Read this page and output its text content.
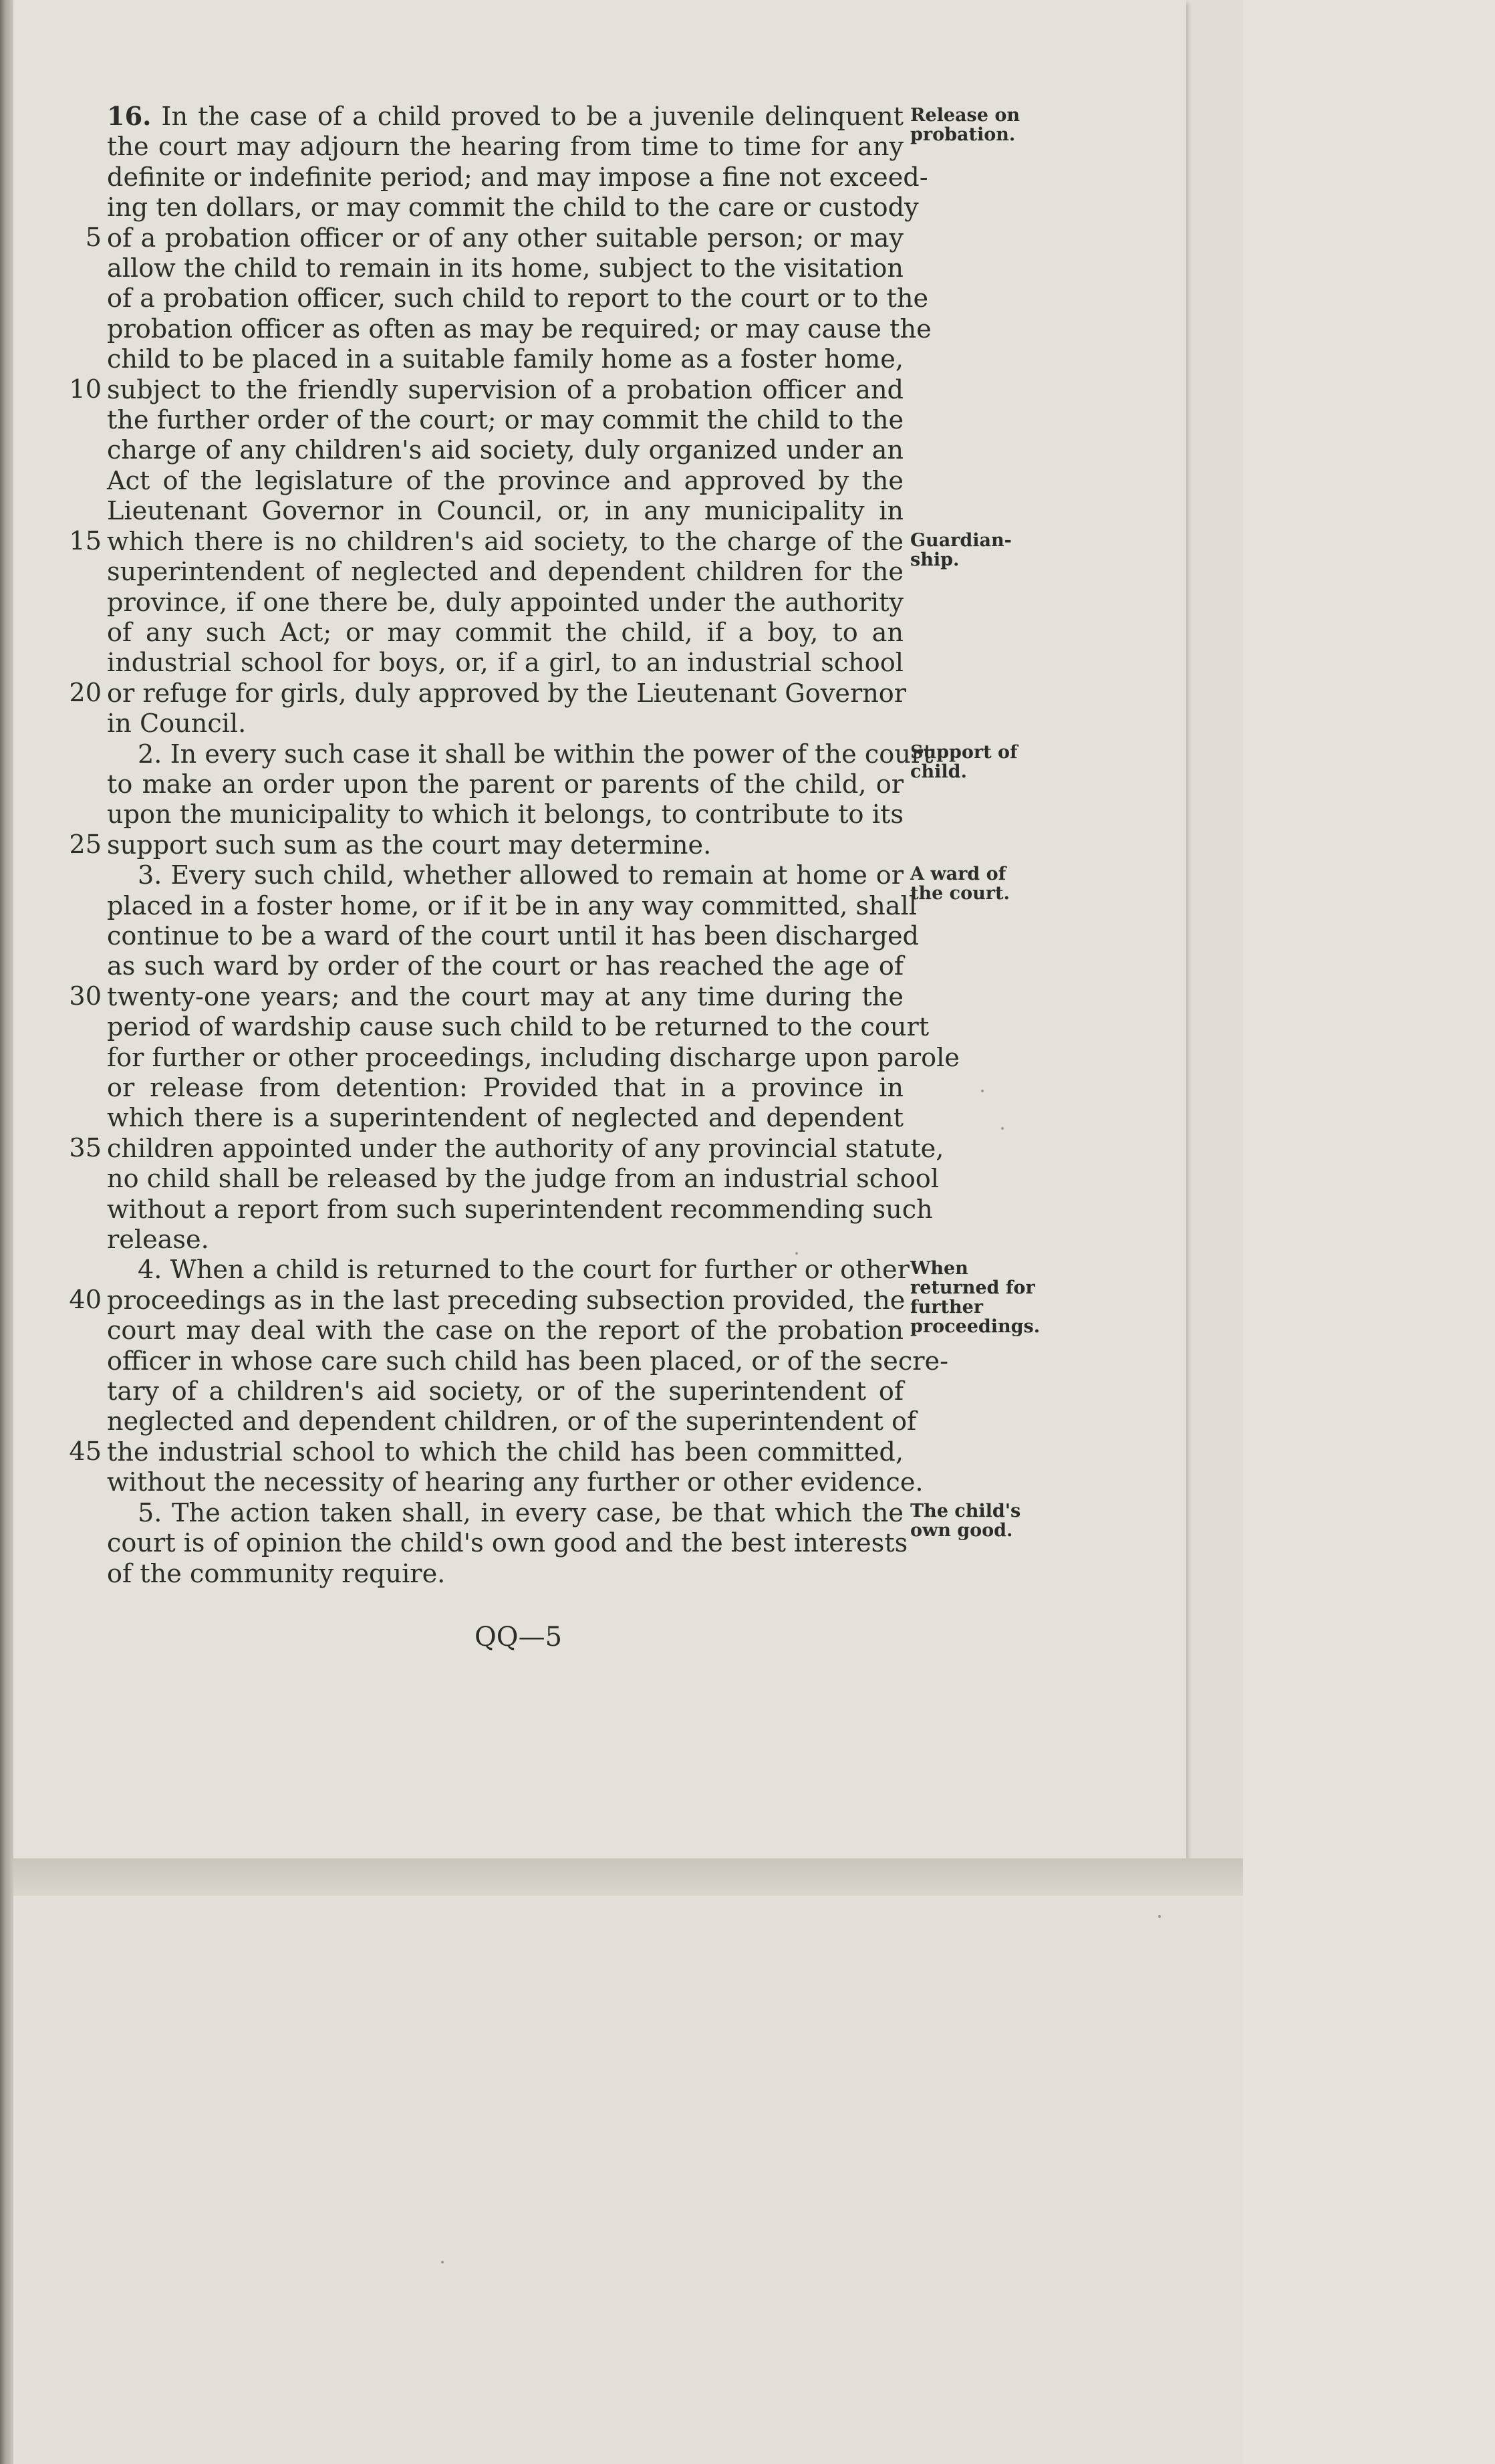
16. In the case of a child proved to be a juvenile delinquent
the court may adjourn the hearing from time to time for any
definite or indefinite period; and may impose a fine not exceed-
ing ten dollars, or may commit the child to the care or custody
5 of a probation officer or of any other suitable person; or may
allow the child to remain in its home, subject to the visitation
of a probation officer, such child to report to the court or to the
probation officer as often as may be required; or may cause the
child to be placed in a suitable family home as a foster home,
10 subject to the friendly supervision of a probation officer and
the further order of the court; or may commit the child to the
charge of any children's aid society, duly organized under an
Act of the legislature of the province and approved by the
Lieutenant Governor in Council, or, in any municipality in
15 which there is no children's aid society, to the charge of the
superintendent of neglected and dependent children for the
province, if one there be, duly appointed under the authority
of any such Act; or may commit the child, if a boy, to an
industrial school for boys, or, if a girl, to an industrial school
20 or refuge for girls, duly approved by the Lieutenant Governor
in Council.
2. In every such case it shall be within the power of the court
to make an order upon the parent or parents of the child, or
upon the municipality to which it belongs, to contribute to its
25 support such sum as the court may determine.
3. Every such child, whether allowed to remain at home or
placed in a foster home, or if it be in any way committed, shall
continue to be a ward of the court until it has been discharged
as such ward by order of the court or has reached the age of
30 twenty-one years; and the court may at any time during the
period of wardship cause such child to be returned to the court
for further or other proceedings, including discharge upon parole
or release from detention: Provided that in a province in
which there is a superintendent of neglected and dependent
35 children appointed under the authority of any provincial statute,
no child shall be released by the judge from an industrial school
without a report from such superintendent recommending such
release.
4. When a child is returned to the court for further or other
40 proceedings as in the last preceding subsection provided, the
court may deal with the case on the report of the probation
officer in whose care such child has been placed, or of the secre-
tary of a children's aid society, or of the superintendent of
neglected and dependent children, or of the superintendent of
45 the industrial school to which the child has been committed,
without the necessity of hearing any further or other evidence.
5. The action taken shall, in every case, be that which the
court is of opinion the child's own good and the best interests
of the community require.
Release on
probation.
Guardian-
ship.
Support of
child.
A ward of
the court.
When
returned for
further
proceedings.
The child's
own good.
QQ—5
